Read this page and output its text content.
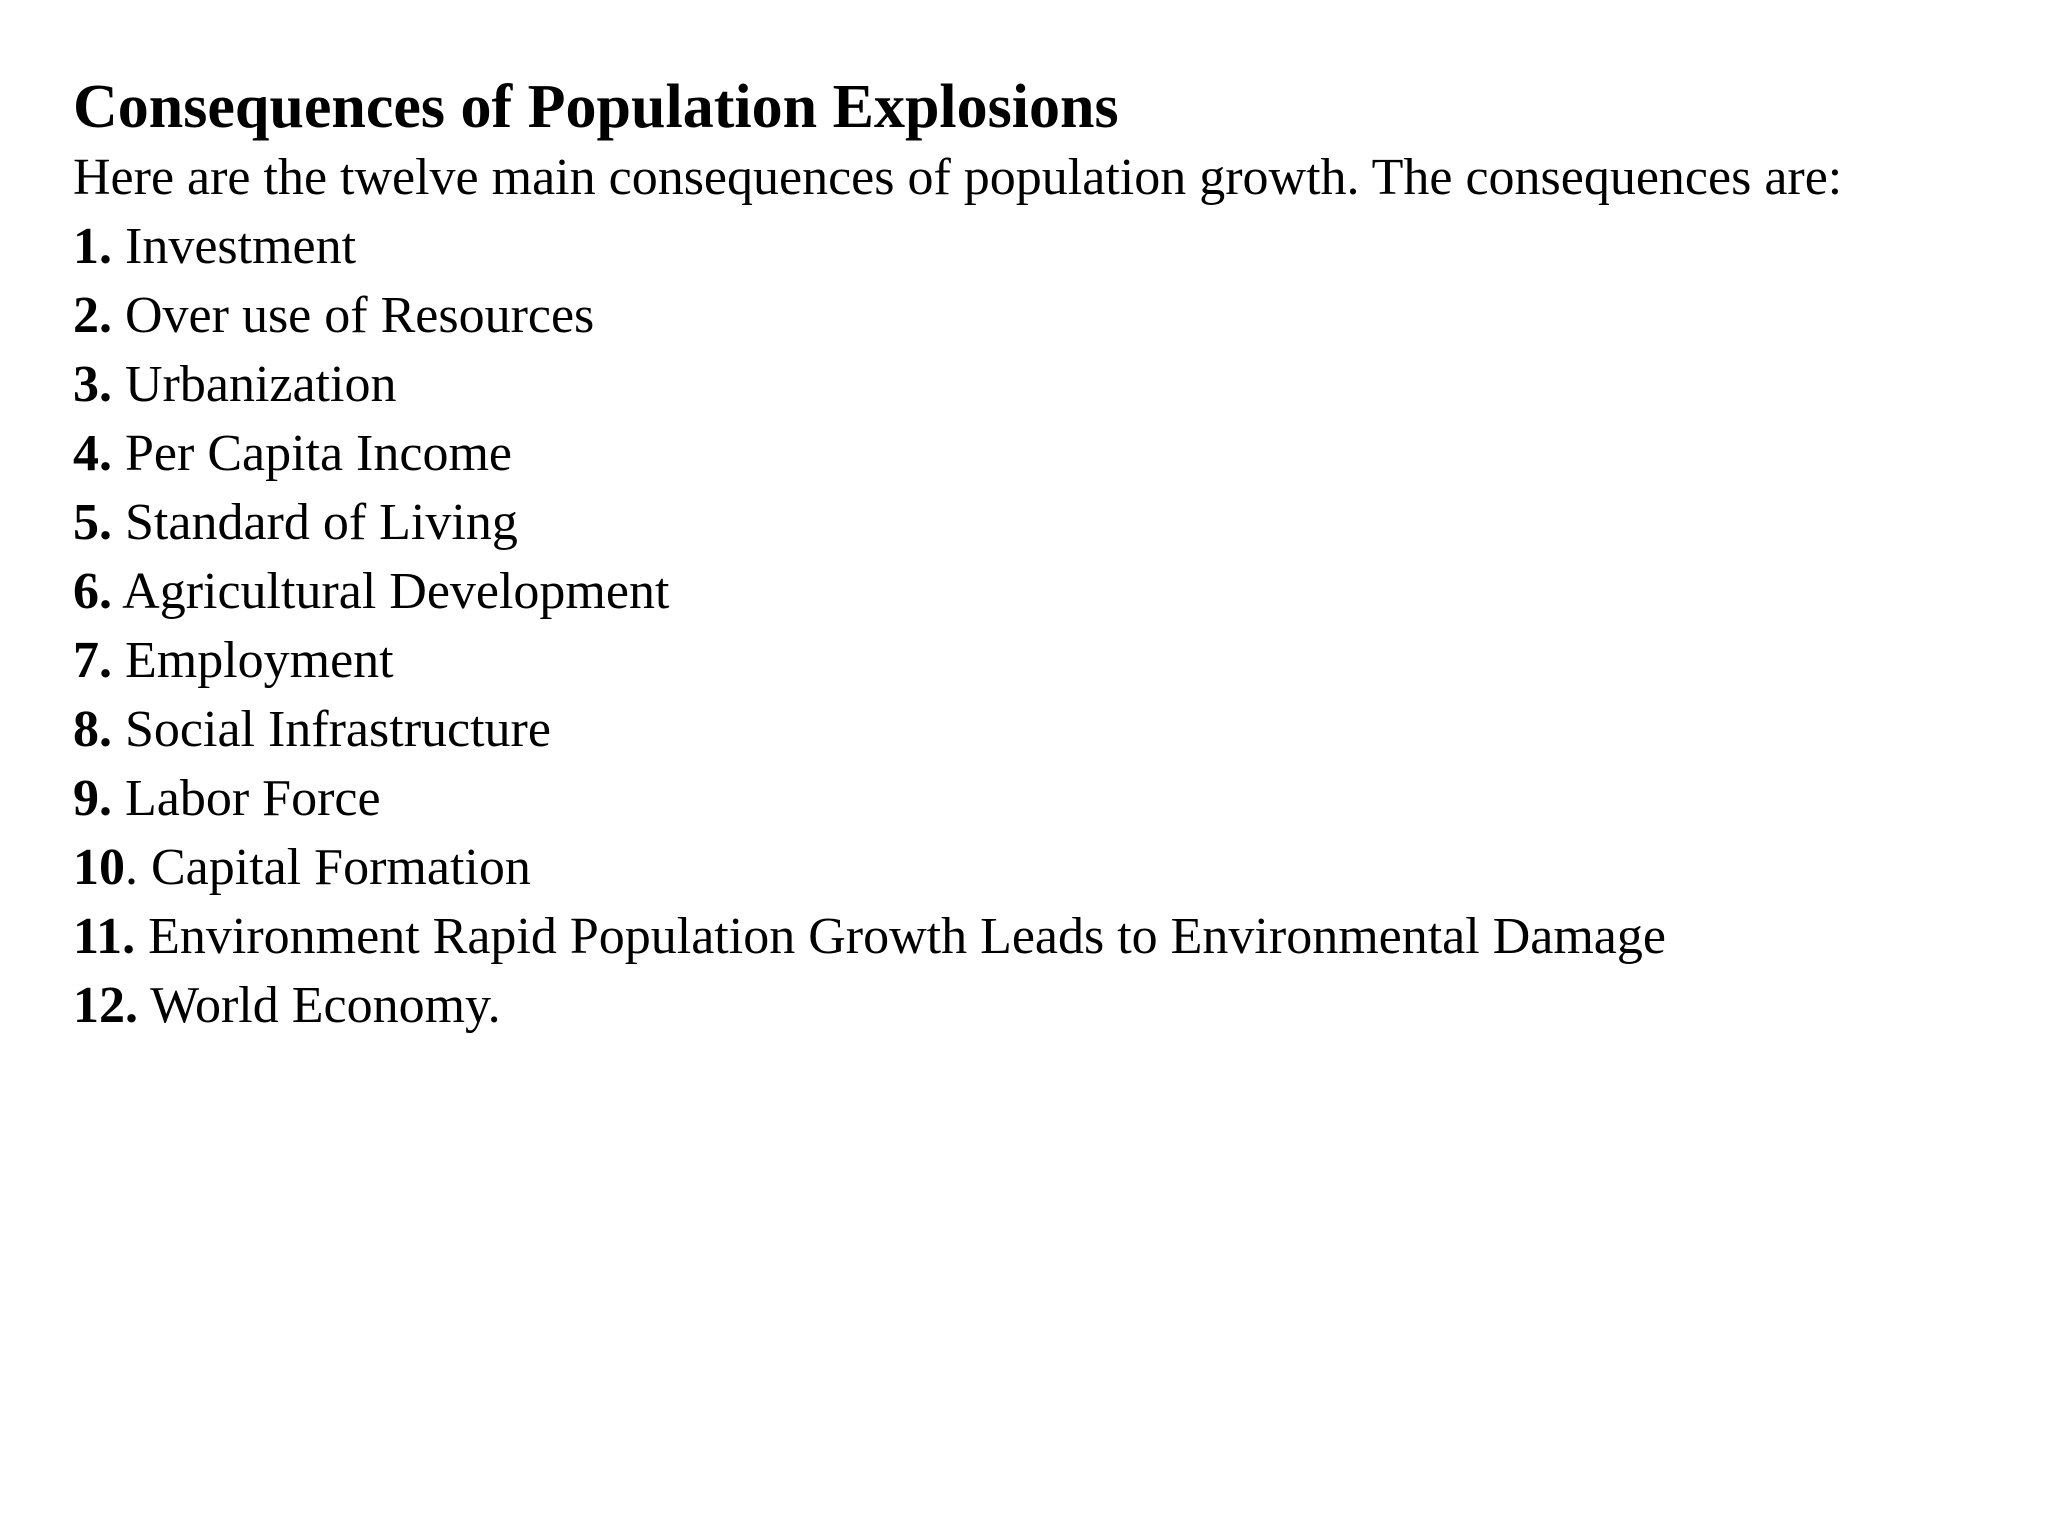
Consequences of Population Explosions

Here are the twelve main consequences of population growth. The consequences are:

1. Investment
2. Over use of Resources
3. Urbanization
4. Per Capita Income
5. Standard of Living
6. Agricultural Development
7. Employment
8. Social Infrastructure
9. Labor Force
10. Capital Formation
11. Environment Rapid Population Growth Leads to Environmental Damage
12. World Economy.
